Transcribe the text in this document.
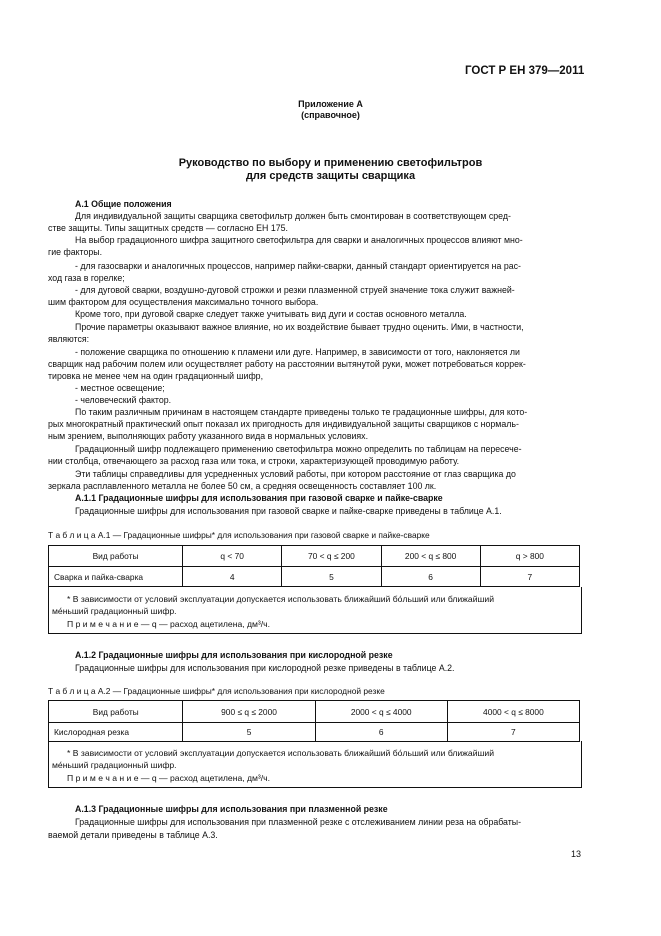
ГОСТ Р ЕН 379—2011
Приложение А
(справочное)
Руководство по выбору и применению светофильтров
для средств защиты сварщика
А.1 Общие положения
Для индивидуальной защиты сварщика светофильтр должен быть смонтирован в соответствующем сред-
стве защиты. Типы защитных средств — согласно ЕН 175.
На выбор градационного шифра защитного светофильтра для сварки и аналогичных процессов влияют мно-
гие факторы.
- для газосварки и аналогичных процессов, например пайки-сварки, данный стандарт ориентируется на рас-
ход газа в горелке;
- для дуговой сварки, воздушно-дуговой строжки и резки плазменной струей значение тока служит важней-
шим фактором для осуществления максимально точного выбора.
Кроме того, при дуговой сварке следует также учитывать вид дуги и состав основного металла.
Прочие параметры оказывают важное влияние, но их воздействие бывает трудно оценить. Ими, в частности,
являются:
- положение сварщика по отношению к пламени или дуге. Например, в зависимости от того, наклоняется ли
сварщик над рабочим полем или осуществляет работу на расстоянии вытянутой руки, может потребоваться коррек-
тировка не менее чем на один градационный шифр,
- местное освещение;
- человеческий фактор.
По таким различным причинам в настоящем стандарте приведены только те градационные шифры, для кото-
рых многократный практический опыт показал их пригодность для индивидуальной защиты сварщиков с нормаль-
ным зрением, выполняющих работу указанного вида в нормальных условиях.
Градационный шифр подлежащего применению светофильтра можно определить по таблицам на пересече-
нии столбца, отвечающего за расход газа или тока, и строки, характеризующей проводимую работу.
Эти таблицы справедливы для усредненных условий работы, при котором расстояние от глаз сварщика до
зеркала расплавленного металла не более 50 см, а средняя освещенность составляет 100 лк.
А.1.1 Градационные шифры для использования при газовой сварке и пайке-сварке
Градационные шифры для использования при газовой сварке и пайке-сварке приведены в таблице А.1.
Т а б л и ц а А.1 — Градационные шифры* для использования при газовой сварке и пайке-сварке
Вид работы	q < 70	70 < q ≤ 200	200 < q ≤ 800	q > 800
Сварка и пайка-сварка	4	5	6	7
* В зависимости от условий эксплуатации допускается использовать ближайший бо́льший или ближайший
ме́ньший градационный шифр.
П р и м е ч а н и е — q — расход ацетилена, дм³/ч.
А.1.2 Градационные шифры для использования при кислородной резке
Градационные шифры для использования при кислородной резке приведены в таблице А.2.
Т а б л и ц а А.2 — Градационные шифры* для использования при кислородной резке
Вид работы	900 ≤ q ≤ 2000	2000 < q ≤ 4000	4000 < q ≤ 8000
Кислородная резка	5	6	7
* В зависимости от условий эксплуатации допускается использовать ближайший бо́льший или ближайший
ме́ньший градационный шифр.
П р и м е ч а н и е — q — расход ацетилена, дм³/ч.
А.1.3 Градационные шифры для использования при плазменной резке
Градационные шифры для использования при плазменной резке с отслеживанием линии реза на обрабаты-
ваемой детали приведены в таблице А.3.
13
